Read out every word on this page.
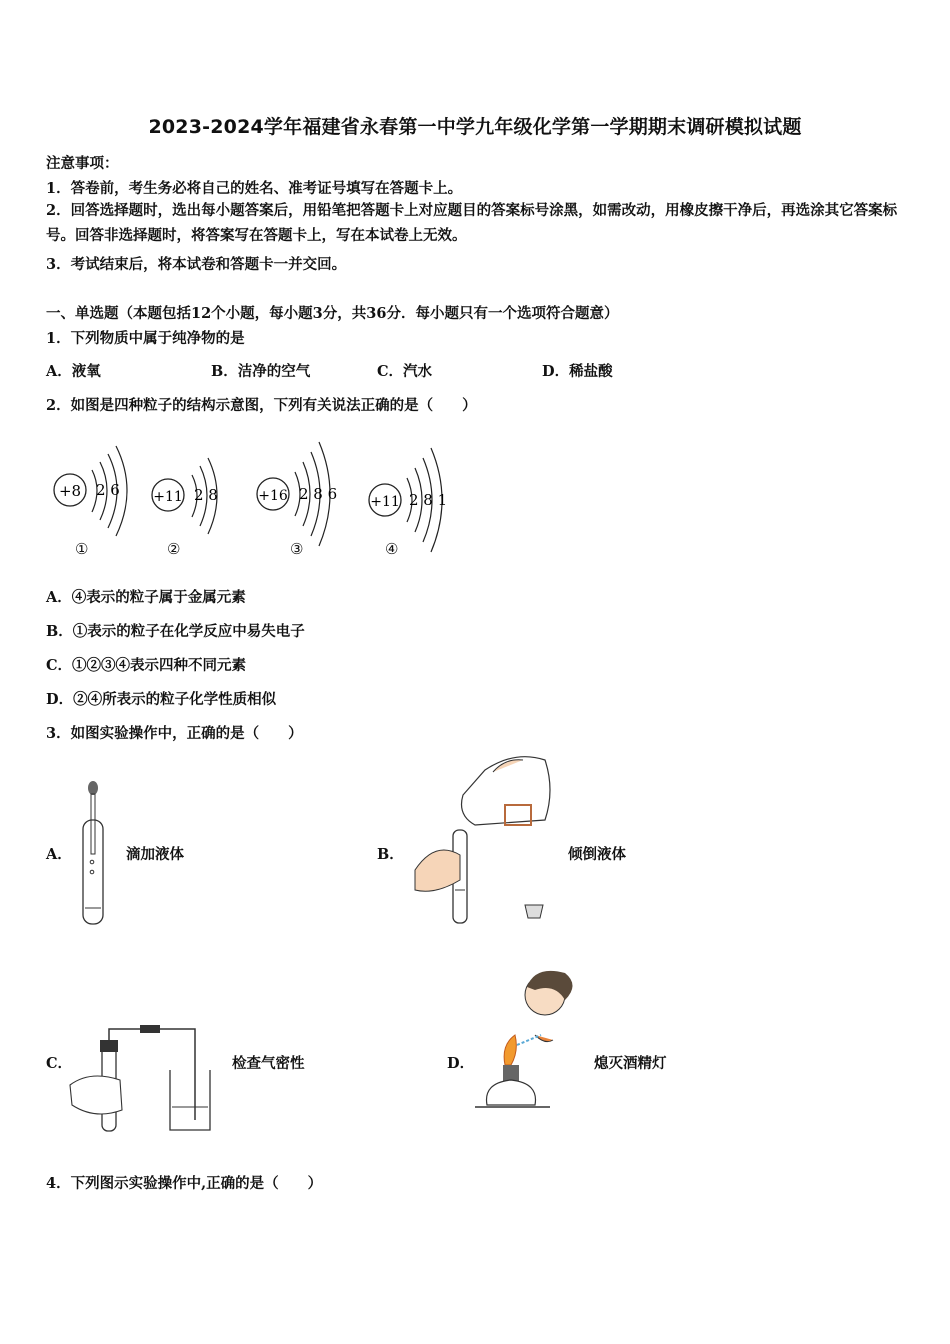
2023-2024学年福建省永春第一中学九年级化学第一学期期末调研模拟试题
注意事项：
1．答卷前，考生务必将自己的姓名、准考证号填写在答题卡上。
2．回答选择题时，选出每小题答案后，用铅笔把答题卡上对应题目的答案标号涂黑，如需改动，用橡皮擦干净后，再选涂其它答案标号。回答非选择题时，将答案写在答题卡上，写在本试卷上无效。
3．考试结束后，将本试卷和答题卡一并交回。
一、单选题（本题包括12个小题，每小题3分，共36分．每小题只有一个选项符合题意）
1．下列物质中属于纯净物的是
A．液氧	B．洁净的空气	C．汽水	D．稀盐酸
2．如图是四种粒子的结构示意图，下列有关说法正确的是（　　）
+8 2 6
①
+11 2 8
②
+16 2 8 6
③
+11 2 8 1
④
A．④表示的粒子属于金属元素
B．①表示的粒子在化学反应中易失电子
C．①②③④表示四种不同元素
D．②④所表示的粒子化学性质相似
3．如图实验操作中，正确的是（　　）
A．	滴加液体	B．	倾倒液体
C．	检查气密性	D．	熄灭酒精灯
4．下列图示实验操作中,正确的是（　　）
